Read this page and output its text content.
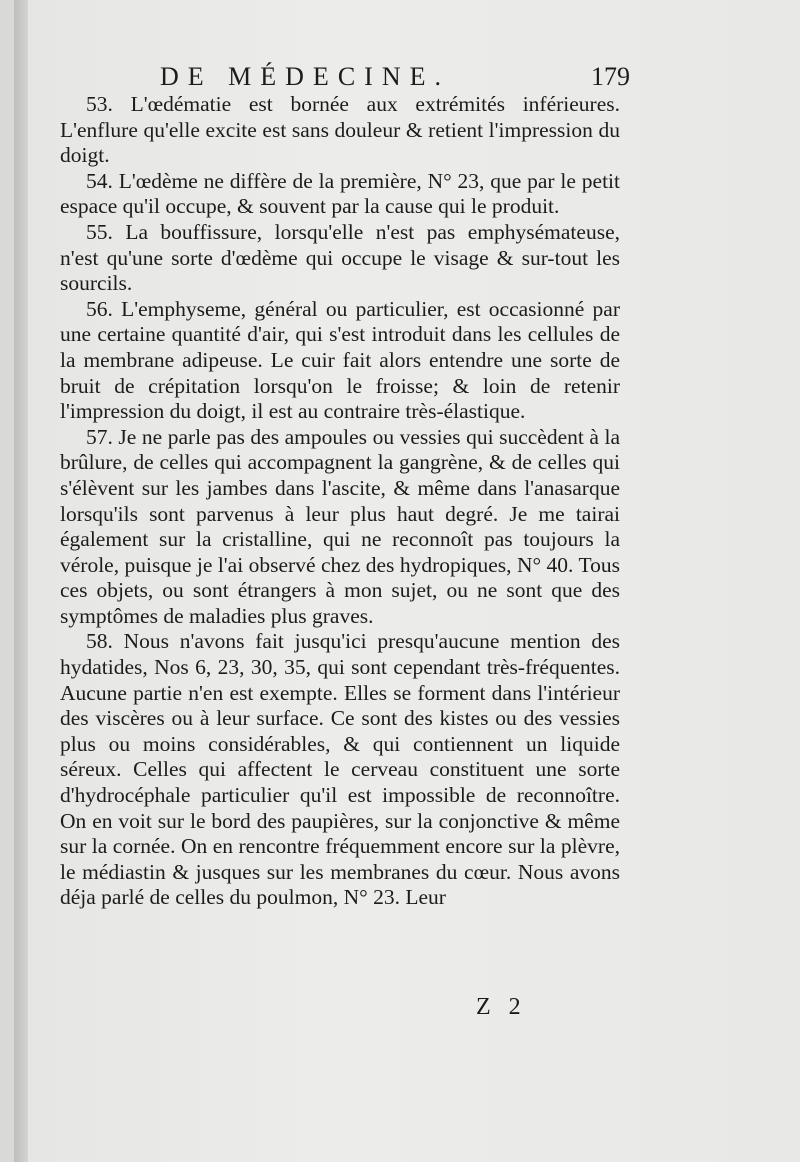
DE MÉDECINE.	179

53. L'œdématie est bornée aux extrémités inférieures. L'enflure qu'elle excite est sans douleur & retient l'impression du doigt.

54. L'œdème ne diffère de la première, N° 23, que par le petit espace qu'il occupe, & souvent par la cause qui le produit.

55. La bouffissure, lorsqu'elle n'est pas emphysémateuse, n'est qu'une sorte d'œdème qui occupe le visage & sur-tout les sourcils.

56. L'emphyseme, général ou particulier, est occasionné par une certaine quantité d'air, qui s'est introduit dans les cellules de la membrane adipeuse. Le cuir fait alors entendre une sorte de bruit de crépitation lorsqu'on le froisse; & loin de retenir l'impression du doigt, il est au contraire très-élastique.

57. Je ne parle pas des ampoules ou vessies qui succèdent à la brûlure, de celles qui accompagnent la gangrène, & de celles qui s'élèvent sur les jambes dans l'ascite, & même dans l'anasarque lorsqu'ils sont parvenus à leur plus haut degré. Je me tairai également sur la cristalline, qui ne reconnoît pas toujours la vérole, puisque je l'ai observé chez des hydropiques, N° 40. Tous ces objets, ou sont étrangers à mon sujet, ou ne sont que des symptômes de maladies plus graves.

58. Nous n'avons fait jusqu'ici presqu'aucune mention des hydatides, Nos 6, 23, 30, 35, qui sont cependant très-fréquentes. Aucune partie n'en est exempte. Elles se forment dans l'intérieur des viscères ou à leur surface. Ce sont des kistes ou des vessies plus ou moins considérables, & qui contiennent un liquide séreux. Celles qui affectent le cerveau constituent une sorte d'hydrocéphale particulier qu'il est impossible de reconnoître. On en voit sur le bord des paupières, sur la conjonctive & même sur la cornée. On en rencontre fréquemment encore sur la plèvre, le médiastin & jusques sur les membranes du cœur. Nous avons déja parlé de celles du poulmon, N° 23. Leur

Z 2
